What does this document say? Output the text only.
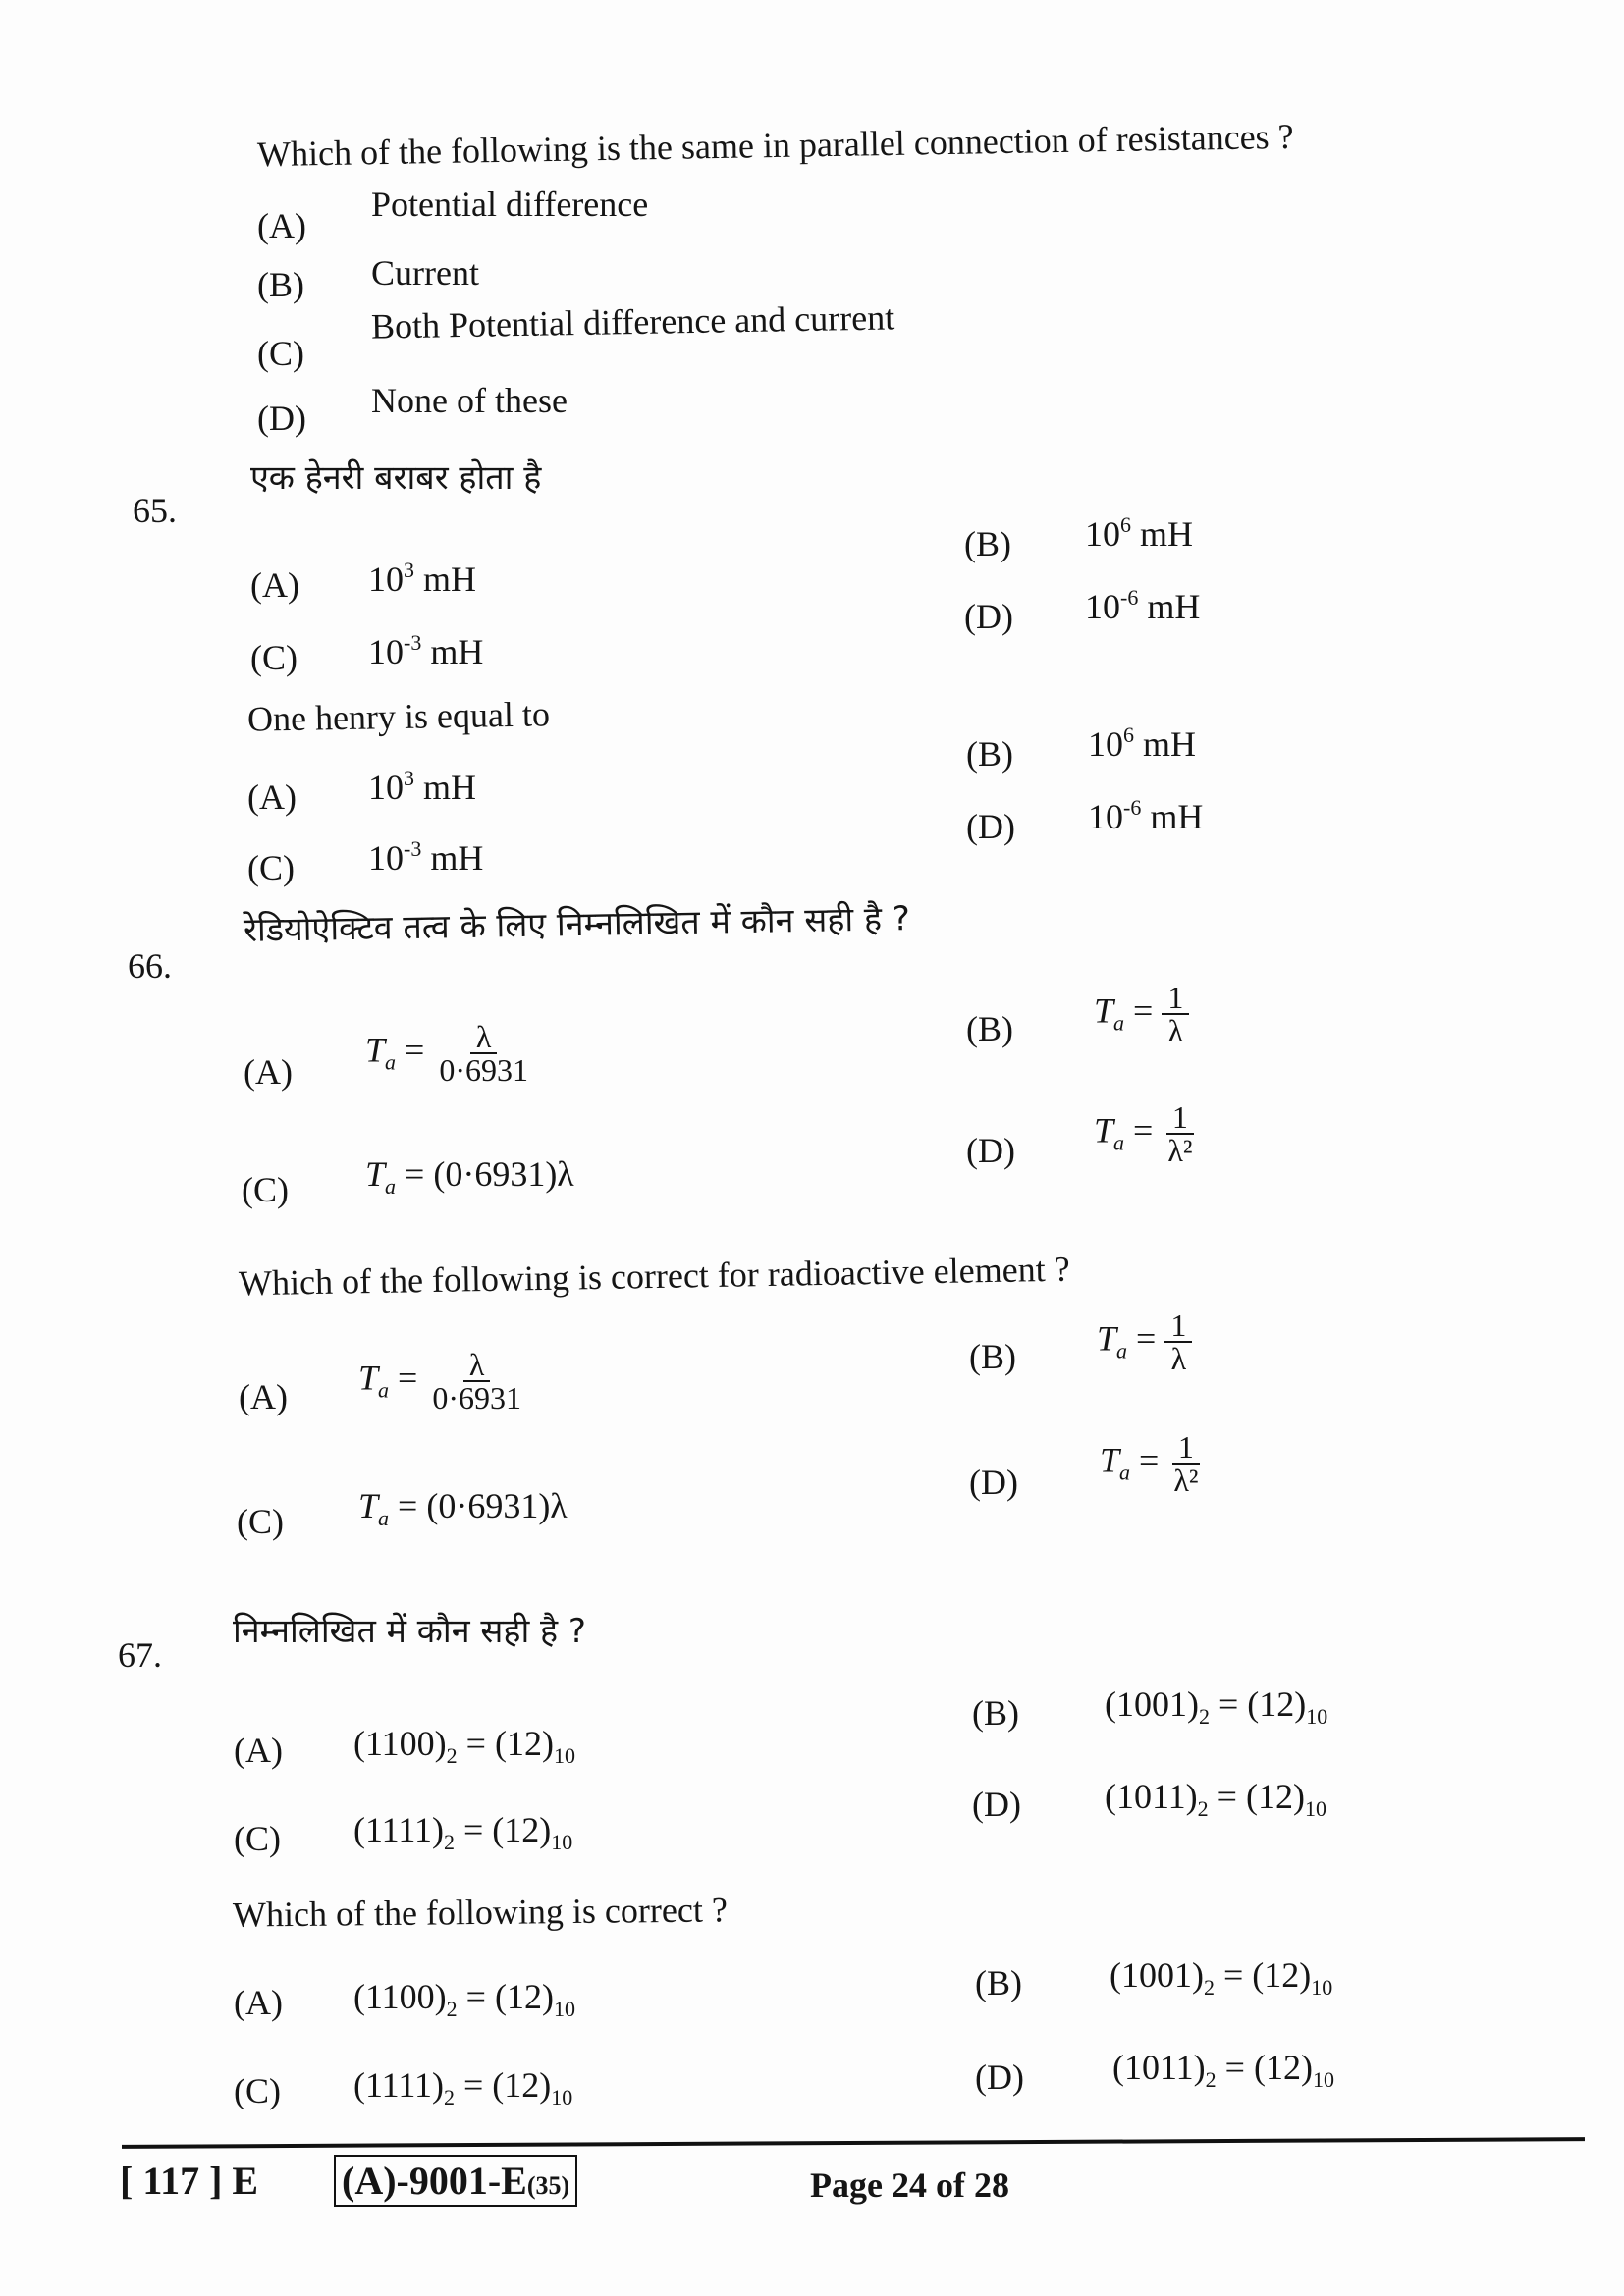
Which of the following is the same in parallel connection of resistances ?
(A)
Potential difference
(B) Current
(C)
Both Potential difference and current
(D) None of these
65.
एक हेनरी बराबर होता है
(A) $10^3$ mH
(B) $10^6$ mH
(C) $10^{-3}$ mH
(D) $10^{-6}$ mH
One henry is equal to
(A) $10^3$ mH
(B) $10^6$ mH
(C) $10^{-3}$ mH
(D) $10^{-6}$ mH
66.
रेडियोऐक्टिव तत्व के लिए निम्नलिखित में कौन सही है ?
(A)
$T_a = \frac{\lambda}{0\cdot 6931}$	(B) $T_a = \frac{1}{\lambda}$
(C) $T_a = (0\cdot 6931)\lambda$
(D)
$T_a = \frac{1}{\text{λ²}}$
Which of the following is correct for radioactive element ?
(A) $T_a = \frac{\lambda}{0\cdot 6931}$	(B) $T_a = \frac{1}{\lambda}$
(C) $T_a = (0\cdot 6931)\lambda$
(D)
$T_a = \frac{1}{\text{λ²}}$
67.
निम्नलिखित में कौन सही है ?
(A) $(1100)_2 = (12)_{10}$
(B) $(1001)_2 = (12)_{10}$
(C) $(1111)_2 = (12)_{10}$
(D) $(1011)_2 = (12)_{10}$
Which of the following is correct ?
(A) $(1100)_2 = (12)_{10}$
(B) $(1001)_2 = (12)_{10}$
(C) $(1111)_2 = (12)_{10}$
(D)	$(1011)_2 = (12)_{10}$
[ 117 ] E (A)-9001-E(35)	Page 24 of 28
